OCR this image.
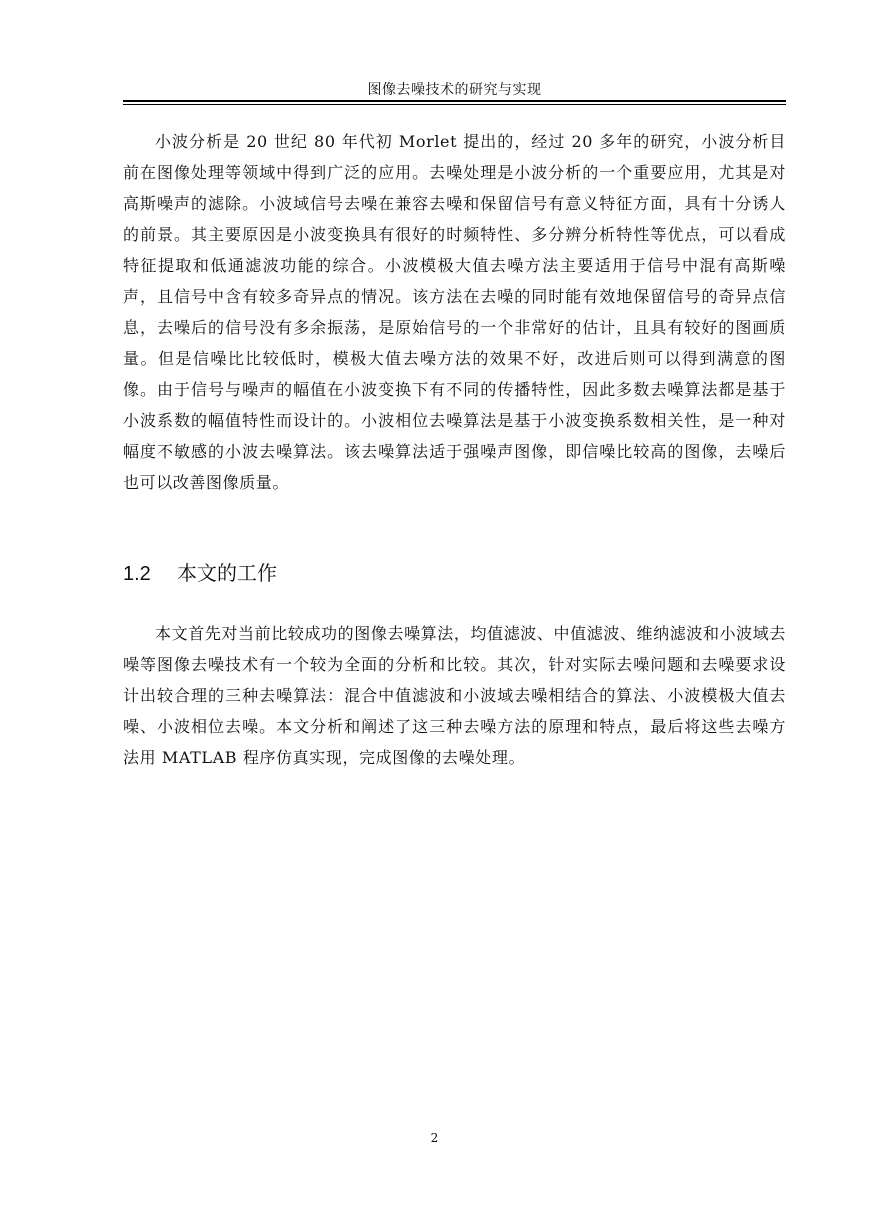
图像去噪技术的研究与实现

小波分析是 20 世纪 80 年代初 Morlet 提出的，经过 20 多年的研究，小波分析目前在图像处理等领域中得到广泛的应用。去噪处理是小波分析的一个重要应用，尤其是对高斯噪声的滤除。小波域信号去噪在兼容去噪和保留信号有意义特征方面，具有十分诱人的前景。其主要原因是小波变换具有很好的时频特性、多分辨分析特性等优点，可以看成特征提取和低通滤波功能的综合。小波模极大值去噪方法主要适用于信号中混有高斯噪声，且信号中含有较多奇异点的情况。该方法在去噪的同时能有效地保留信号的奇异点信息，去噪后的信号没有多余振荡，是原始信号的一个非常好的估计，且具有较好的图画质量。但是信噪比比较低时，模极大值去噪方法的效果不好，改进后则可以得到满意的图像。由于信号与噪声的幅值在小波变换下有不同的传播特性，因此多数去噪算法都是基于小波系数的幅值特性而设计的。小波相位去噪算法是基于小波变换系数相关性，是一种对幅度不敏感的小波去噪算法。该去噪算法适于强噪声图像，即信噪比较高的图像，去噪后也可以改善图像质量。

1.2 本文的工作

本文首先对当前比较成功的图像去噪算法，均值滤波、中值滤波、维纳滤波和小波域去噪等图像去噪技术有一个较为全面的分析和比较。其次，针对实际去噪问题和去噪要求设计出较合理的三种去噪算法：混合中值滤波和小波域去噪相结合的算法、小波模极大值去噪、小波相位去噪。本文分析和阐述了这三种去噪方法的原理和特点，最后将这些去噪方法用 MATLAB 程序仿真实现，完成图像的去噪处理。

2
